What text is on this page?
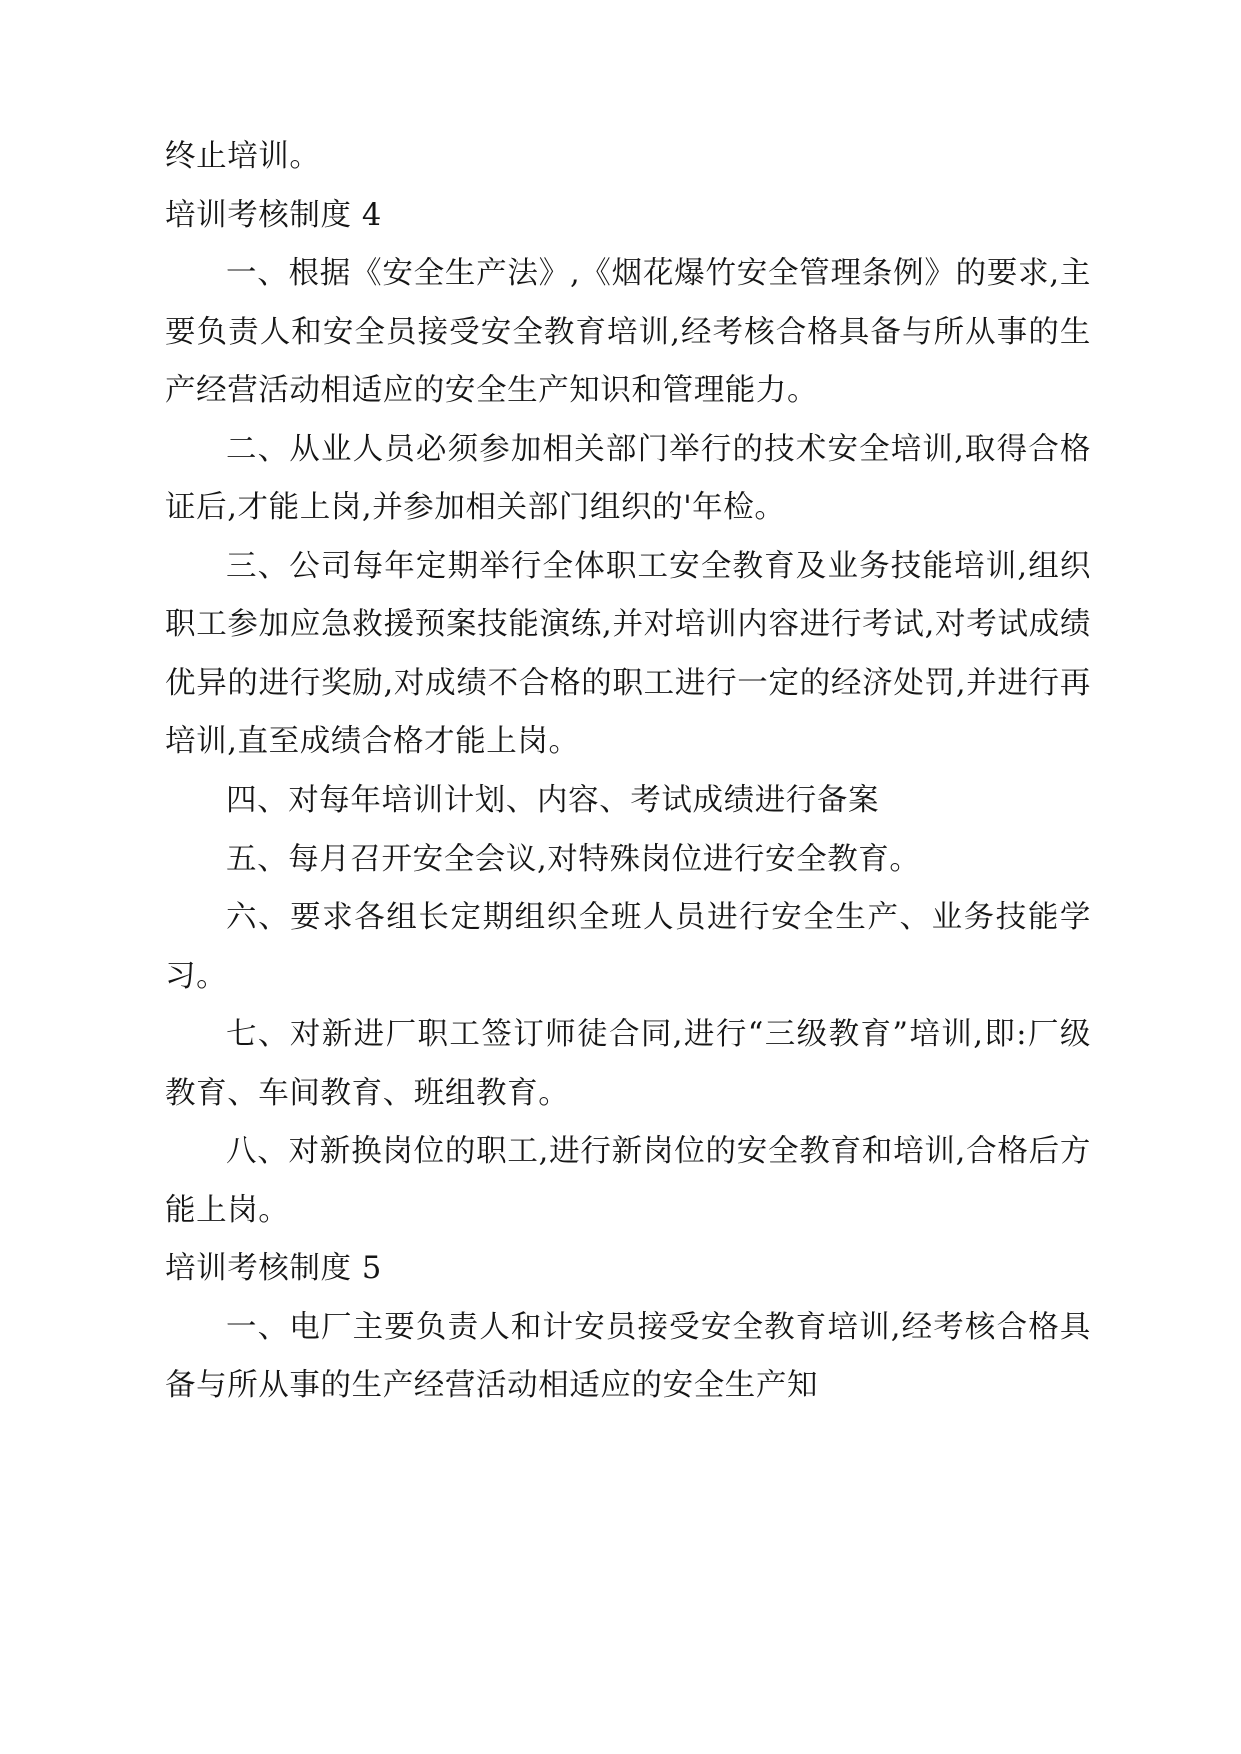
终止培训。

培训考核制度 4

一、根据《安全生产法》,《烟花爆竹安全管理条例》的要求,主要负责人和安全员接受安全教育培训,经考核合格具备与所从事的生产经营活动相适应的安全生产知识和管理能力。

二、从业人员必须参加相关部门举行的技术安全培训,取得合格证后,才能上岗,并参加相关部门组织的'年检。

三、公司每年定期举行全体职工安全教育及业务技能培训,组织职工参加应急救援预案技能演练,并对培训内容进行考试,对考试成绩优异的进行奖励,对成绩不合格的职工进行一定的经济处罚,并进行再培训,直至成绩合格才能上岗。

四、对每年培训计划、内容、考试成绩进行备案

五、每月召开安全会议,对特殊岗位进行安全教育。

六、要求各组长定期组织全班人员进行安全生产、业务技能学习。

七、对新进厂职工签订师徒合同,进行“三级教育”培训,即:厂级教育、车间教育、班组教育。

八、对新换岗位的职工,进行新岗位的安全教育和培训,合格后方能上岗。

培训考核制度 5

一、电厂主要负责人和计安员接受安全教育培训,经考核合格具备与所从事的生产经营活动相适应的安全生产知
